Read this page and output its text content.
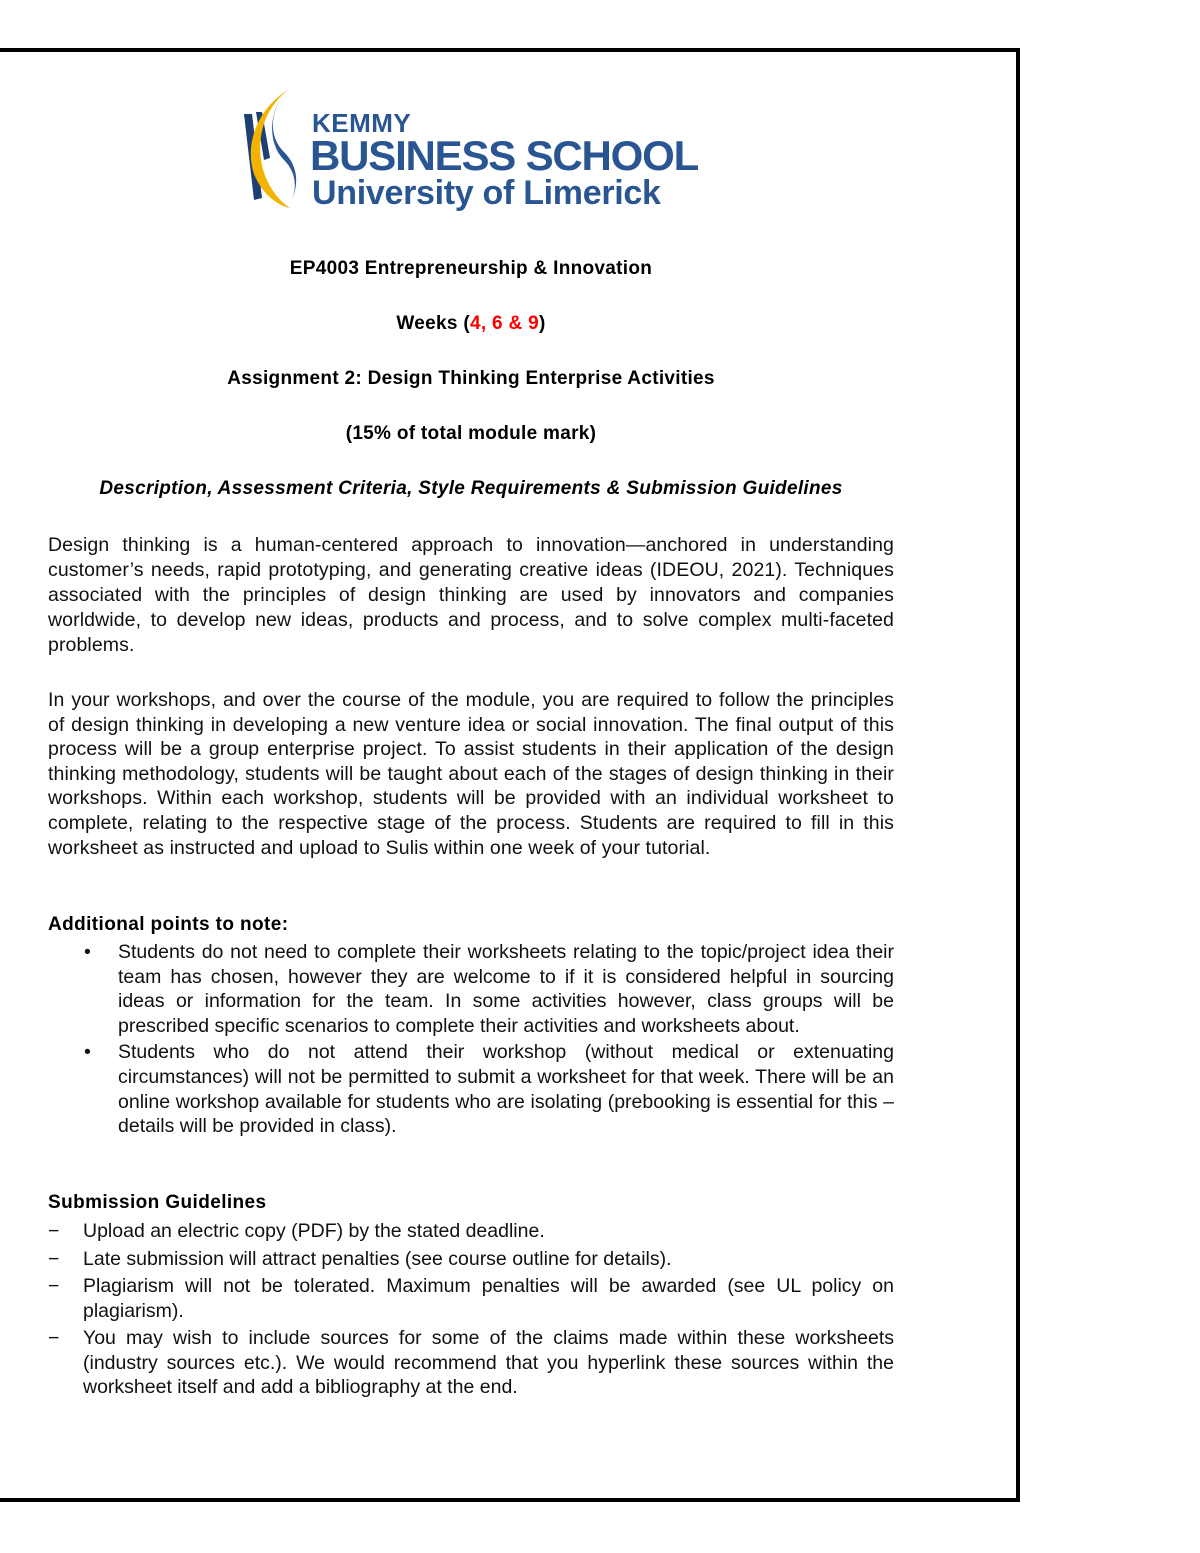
KEMMY
BUSINESS SCHOOL
University of Limerick
EP4003 Entrepreneurship & Innovation
Weeks (4, 6 & 9)
Assignment 2: Design Thinking Enterprise Activities
(15% of total module mark)
Description, Assessment Criteria, Style Requirements & Submission Guidelines
Design thinking is a human-centered approach to innovation—anchored in understanding customer’s needs, rapid prototyping, and generating creative ideas (IDEOU, 2021). Techniques associated with the principles of design thinking are used by innovators and companies worldwide, to develop new ideas, products and process, and to solve complex multi-faceted problems.
In your workshops, and over the course of the module, you are required to follow the principles of design thinking in developing a new venture idea or social innovation. The final output of this process will be a group enterprise project. To assist students in their application of the design thinking methodology, students will be taught about each of the stages of design thinking in their workshops. Within each workshop, students will be provided with an individual worksheet to complete, relating to the respective stage of the process. Students are required to fill in this worksheet as instructed and upload to Sulis within one week of your tutorial.
Additional points to note:
• Students do not need to complete their worksheets relating to the topic/project idea their team has chosen, however they are welcome to if it is considered helpful in sourcing ideas or information for the team. In some activities however, class groups will be prescribed specific scenarios to complete their activities and worksheets about.
• Students who do not attend their workshop (without medical or extenuating circumstances) will not be permitted to submit a worksheet for that week. There will be an online workshop available for students who are isolating (prebooking is essential for this – details will be provided in class).
Submission Guidelines
− Upload an electric copy (PDF) by the stated deadline.
− Late submission will attract penalties (see course outline for details).
− Plagiarism will not be tolerated. Maximum penalties will be awarded (see UL policy on plagiarism).
− You may wish to include sources for some of the claims made within these worksheets (industry sources etc.). We would recommend that you hyperlink these sources within the worksheet itself and add a bibliography at the end.
